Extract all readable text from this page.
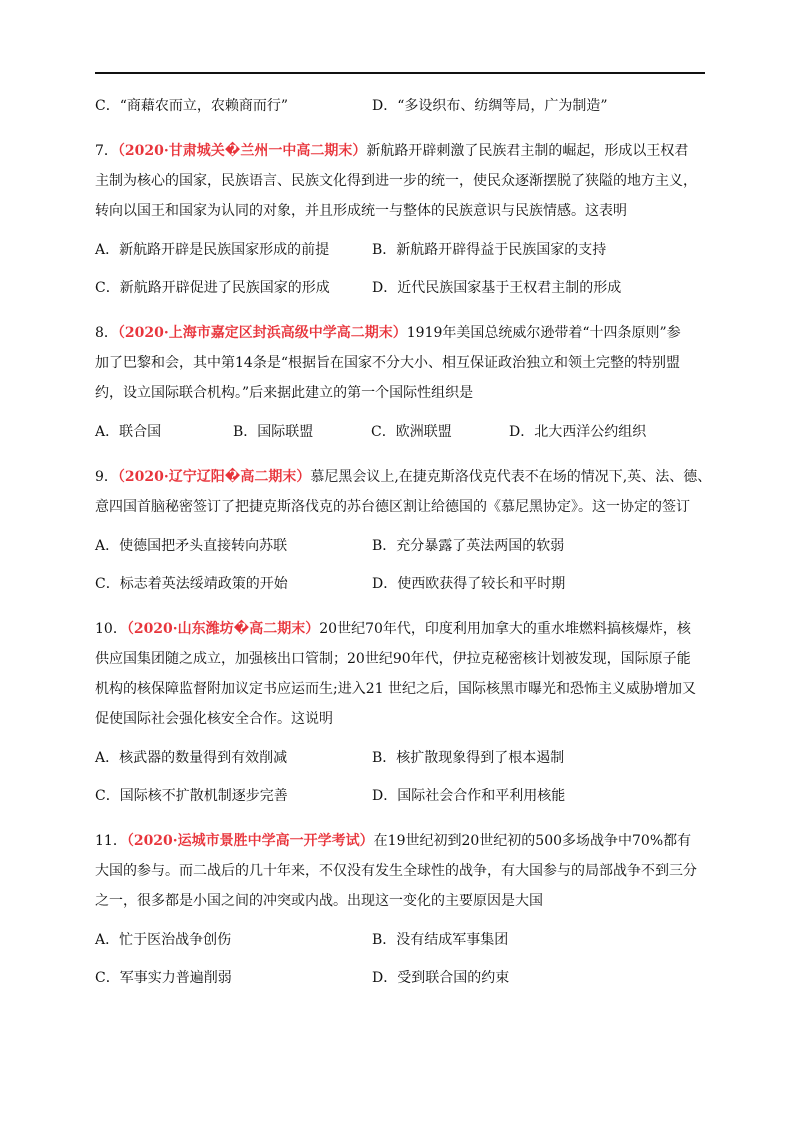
C．“商藉农而立，农赖商而行”	D．“多设织布、纺绸等局，广为制造”
7．（2020·甘肃城关�兰州一中高二期末）新航路开辟刺激了民族君主制的崛起，形成以王权君
主制为核心的国家，民族语言、民族文化得到进一步的统一，使民众逐渐摆脱了狭隘的地方主义，
转向以国王和国家为认同的对象，并且形成统一与整体的民族意识与民族情感。这表明
A．新航路开辟是民族国家形成的前提	B．新航路开辟得益于民族国家的支持
C．新航路开辟促进了民族国家的形成	D．近代民族国家基于王权君主制的形成
8．（2020·上海市嘉定区封浜高级中学高二期末）1919年美国总统威尔逊带着“十四条原则”参
加了巴黎和会，其中第14条是“根据旨在国家不分大小、相互保证政治独立和领土完整的特别盟
约，设立国际联合机构。”后来据此建立的第一个国际性组织是
A．联合国	B．国际联盟	C．欧洲联盟	D．北大西洋公约组织
9．（2020·辽宁辽阳�高二期末）慕尼黑会议上,在捷克斯洛伐克代表不在场的情况下,英、法、德、
意四国首脑秘密签订了把捷克斯洛伐克的苏台德区割让给德国的《慕尼黑协定》。这一协定的签订
A．使德国把矛头直接转向苏联	B．充分暴露了英法两国的软弱
C．标志着英法绥靖政策的开始	D．使西欧获得了较长和平时期
10．（2020·山东潍坊�高二期末）20世纪70年代，印度利用加拿大的重水堆燃料搞核爆炸，核
供应国集团随之成立，加强核出口管制；20世纪90年代，伊拉克秘密核计划被发现，国际原子能
机构的核保障监督附加议定书应运而生;进入21 世纪之后，国际核黑市曝光和恐怖主义威胁增加又
促使国际社会强化核安全合作。这说明
A．核武器的数量得到有效削减	B．核扩散现象得到了根本遏制
C．国际核不扩散机制逐步完善	D．国际社会合作和平利用核能
11．（2020·运城市景胜中学高一开学考试）在19世纪初到20世纪初的500多场战争中70%都有
大国的参与。而二战后的几十年来，不仅没有发生全球性的战争，有大国参与的局部战争不到三分
之一，很多都是小国之间的冲突或内战。出现这一变化的主要原因是大国
A．忙于医治战争创伤	B．没有结成军事集团
C．军事实力普遍削弱	D．受到联合国的约束
